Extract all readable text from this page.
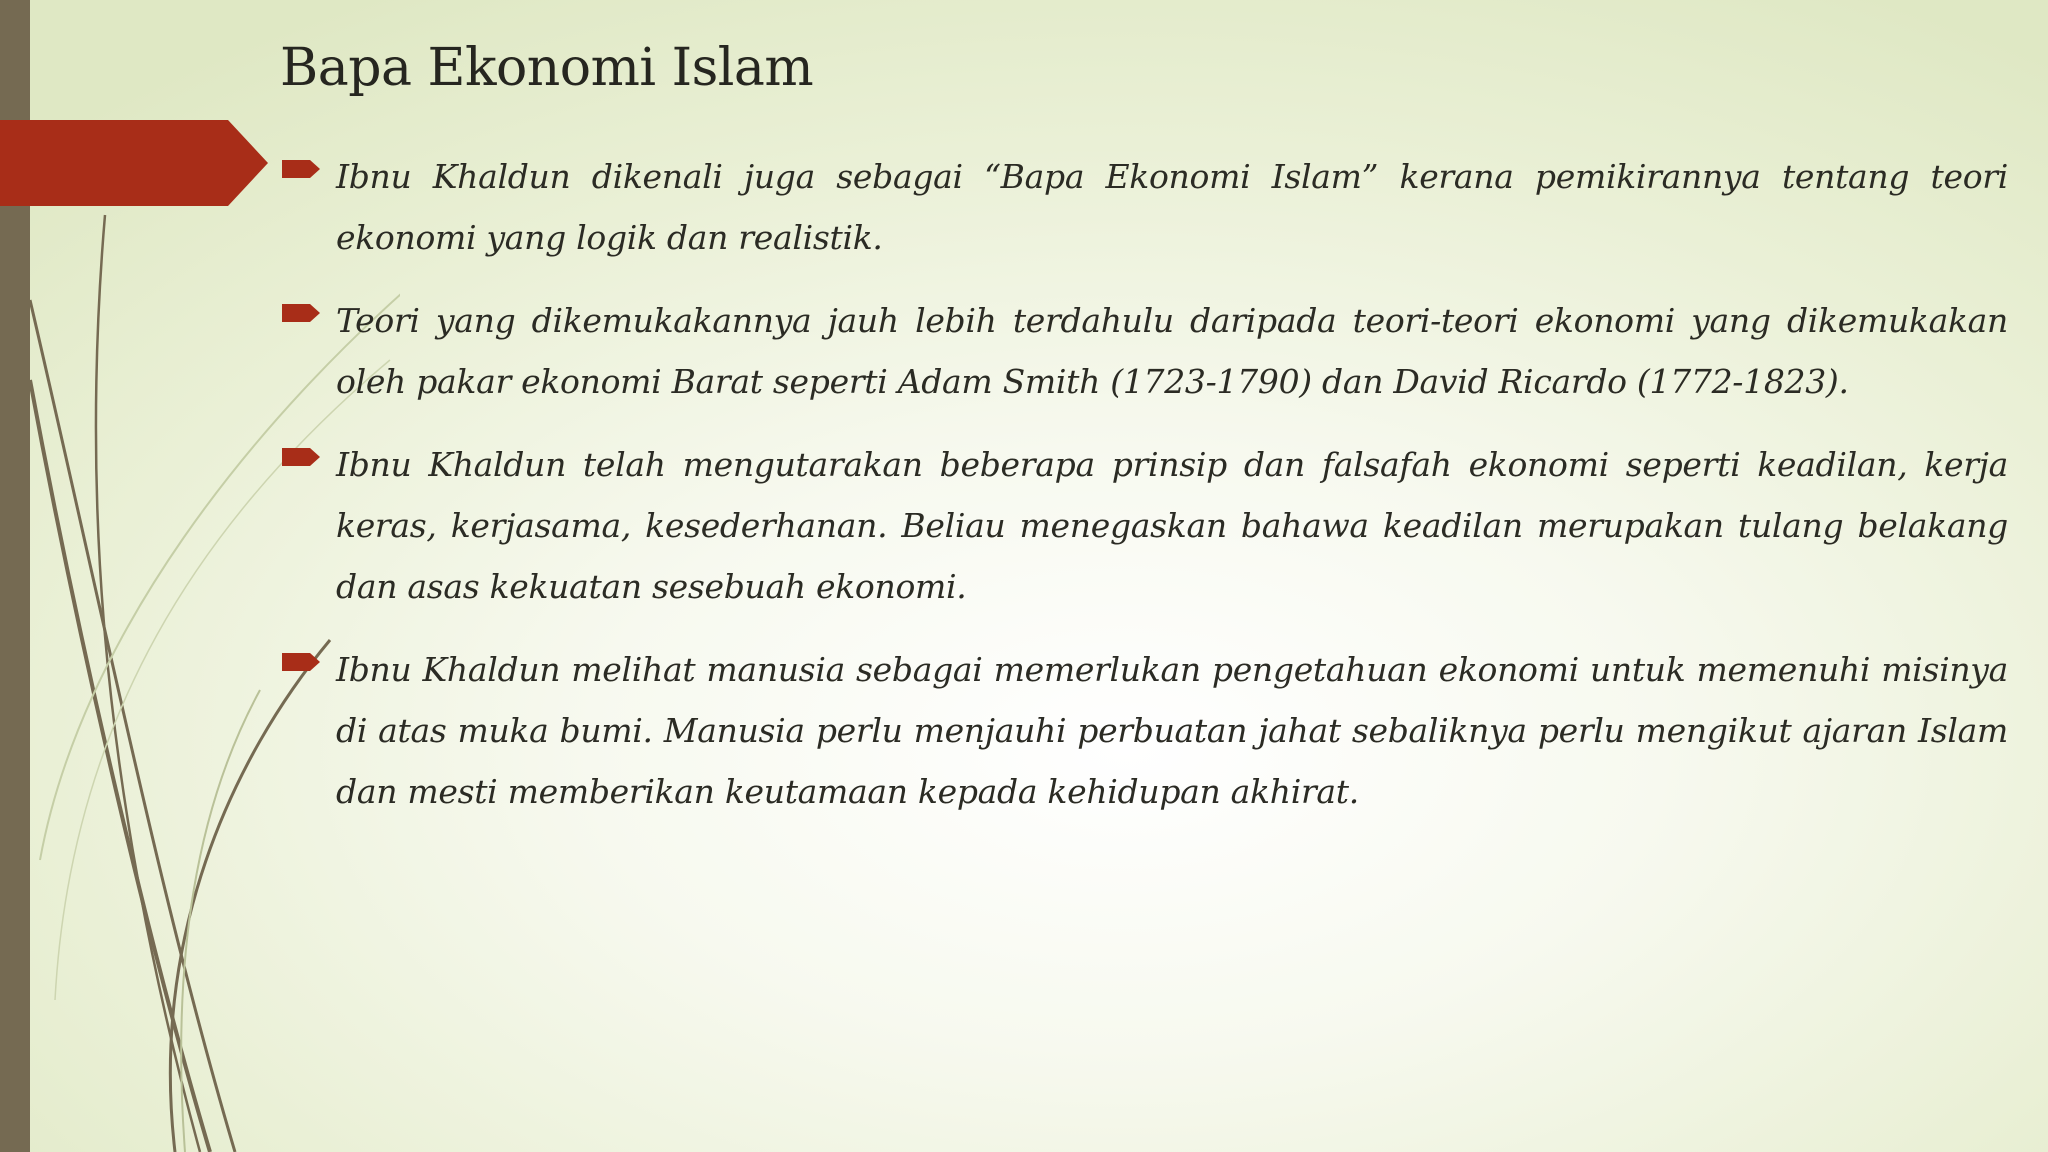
Bapa Ekonomi Islam
Ibnu Khaldun dikenali juga sebagai “Bapa Ekonomi Islam” kerana pemikirannya tentang teori ekonomi yang logik dan realistik.
Teori yang dikemukakannya jauh lebih terdahulu daripada teori-teori ekonomi yang dikemukakan oleh pakar ekonomi Barat seperti Adam Smith (1723-1790) dan David Ricardo (1772-1823).
Ibnu Khaldun telah mengutarakan beberapa prinsip dan falsafah ekonomi seperti keadilan, kerja keras, kerjasama, kesederhanan. Beliau menegaskan bahawa keadilan merupakan tulang belakang dan asas kekuatan sesebuah ekonomi.
Ibnu Khaldun melihat manusia sebagai memerlukan pengetahuan ekonomi untuk memenuhi misinya di atas muka bumi. Manusia perlu menjauhi perbuatan jahat sebaliknya perlu mengikut ajaran Islam dan mesti memberikan keutamaan kepada kehidupan akhirat.
